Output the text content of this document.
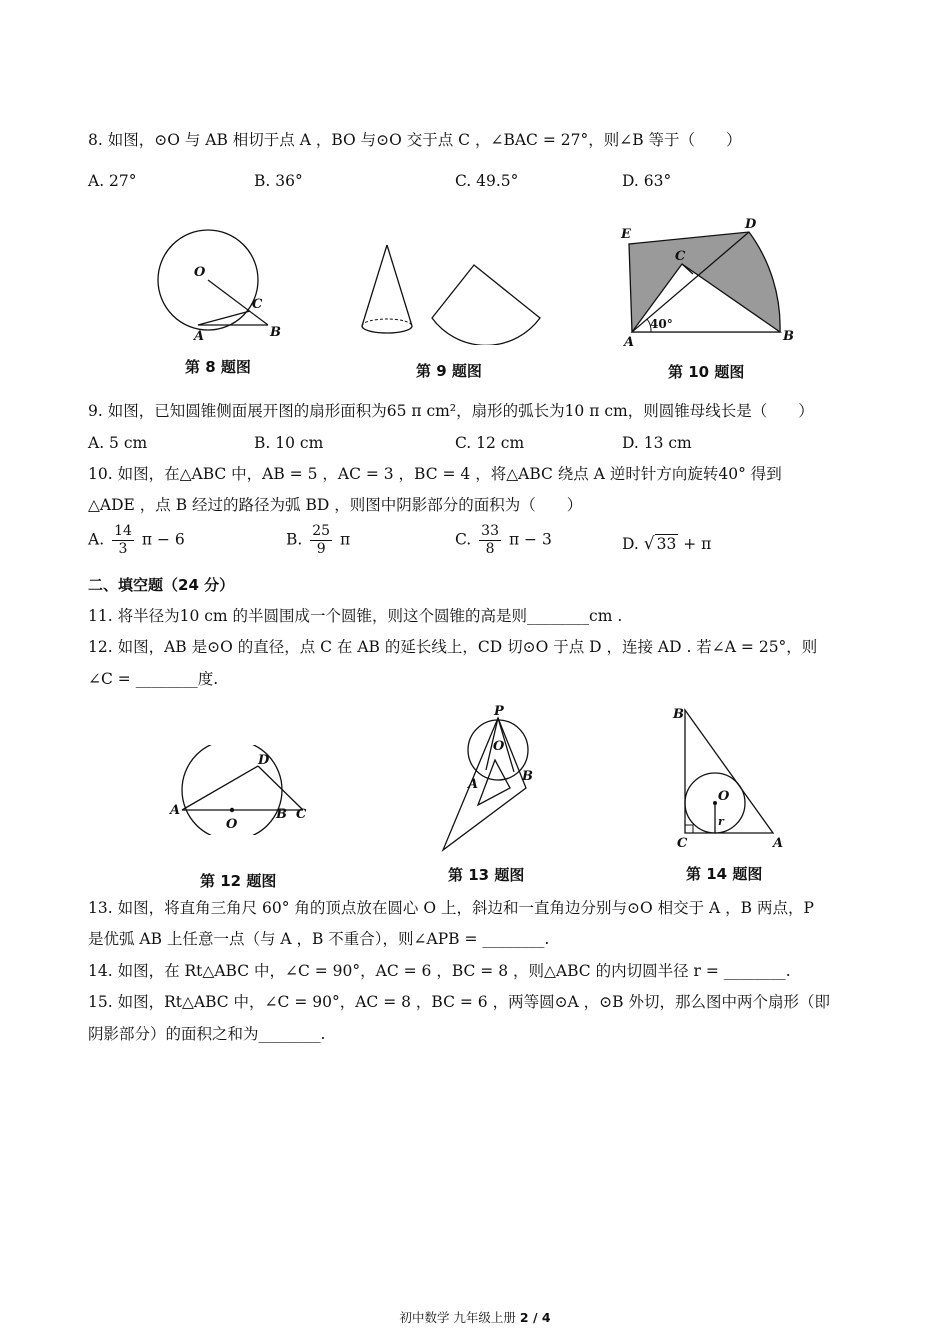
8. 如图，⊙O 与 AB 相切于点 A ，BO 与⊙O 交于点 C ，∠BAC = 27°，则∠B 等于（　　）
A. 27°	B. 36°	C. 49.5°	D. 63°
O
C
A	B
第 8 题图	第 9 题图
E
D
C
A
40°
B
第 10 题图
9. 如图，已知圆锥侧面展开图的扇形面积为65 π cm²，扇形的弧长为10 π cm，则圆锥母线长是（　　）
A. 5 cm	B. 10 cm	C. 12 cm	D. 13 cm
10. 如图，在△ABC 中，AB = 5 ，AC = 3 ，BC = 4 ，将△ABC 绕点 A 逆时针方向旋转40° 得到
△ADE ，点 B 经过的路径为弧 BD ，则图中阴影部分的面积为（　　）
A. $\frac{14}{3}$ π − 6	B. $\frac{25}{9}$ π	C. $\frac{33}{8}$ π − 3	D. √ 33 + π
二、填空题（24 分）
11. 将半径为10 cm 的半圆围成一个圆锥，则这个圆锥的高是则________cm .
12. 如图，AB 是⊙O 的直径，点 C 在 AB 的延长线上，CD 切⊙O 于点 D ，连接 AD . 若∠A = 25°，则
∠C = ________度.
D
A
O
B C
第 12 题图
P
O
A
B
第 13 题图
B
O
r
C	A
第 14 题图
13. 如图，将直角三角尺 60° 角的顶点放在圆心 O 上，斜边和一直角边分别与⊙O 相交于 A ，B 两点，P
是优弧 AB 上任意一点（与 A ，B 不重合），则∠APB = ________.
14. 如图，在 Rt△ABC 中，∠C = 90°，AC = 6 ，BC = 8 ，则△ABC 的内切圆半径 r = ________.
15. 如图，Rt△ABC 中，∠C = 90°，AC = 8 ，BC = 6 ，两等圆⊙A ，⊙B 外切，那么图中两个扇形（即
阴影部分）的面积之和为________.
初中数学 九年级上册 2 / 4
